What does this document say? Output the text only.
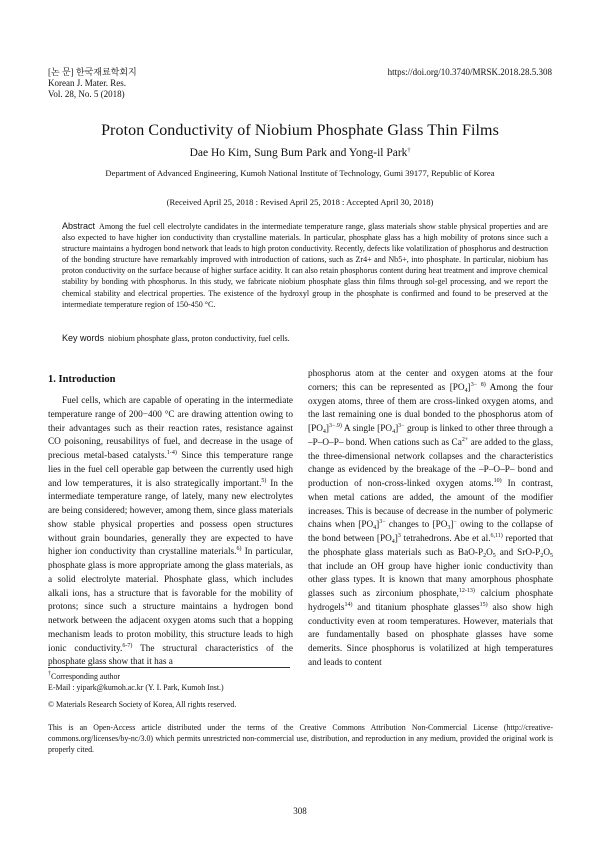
[논 문] 한국재료학회지
Korean J. Mater. Res.
Vol. 28, No. 5 (2018)
https://doi.org/10.3740/MRSK.2018.28.5.308
Proton Conductivity of Niobium Phosphate Glass Thin Films
Dae Ho Kim, Sung Bum Park and Yong-il Park†
Department of Advanced Engineering, Kumoh National Institute of Technology, Gumi 39177, Republic of Korea
(Received April 25, 2018 : Revised April 25, 2018 : Accepted April 30, 2018)
Abstract Among the fuel cell electrolyte candidates in the intermediate temperature range, glass materials show stable physical properties and are also expected to have higher ion conductivity than crystalline materials. In particular, phosphate glass has a high mobility of protons since such a structure maintains a hydrogen bond network that leads to high proton conductivity. Recently, defects like volatilization of phosphorus and destruction of the bonding structure have remarkably improved with introduction of cations, such as Zr4+ and Nb5+, into phosphate. In particular, niobium has proton conductivity on the surface because of higher surface acidity. It can also retain phosphorus content during heat treatment and improve chemical stability by bonding with phosphorus. In this study, we fabricate niobium phosphate glass thin films through sol-gel processing, and we report the chemical stability and electrical properties. The existence of the hydroxyl group in the phosphate is confirmed and found to be preserved at the intermediate temperature region of 150-450 °C.
Key words niobium phosphate glass, proton conductivity, fuel cells.
1. Introduction

Fuel cells, which are capable of operating in the intermediate temperature range of 200−400 °C are drawing attention owing to their advantages such as their reaction rates, resistance against CO poisoning, reusabilitys of fuel, and decrease in the usage of precious metal-based catalysts.$^{1-4)}$ Since this temperature range lies in the fuel cell operable gap between the currently used high and low temperatures, it is also strategically important.$^{5)}$ In the intermediate temperature range, of lately, many new electrolytes are being considered; however, among them, since glass materials show stable physical properties and possess open structures without grain boundaries, generally they are expected to have higher ion conductivity than crystalline materials.$^{6)}$ In particular, phosphate glass is more appropriate among the glass materials, as a solid electrolyte material. Phosphate glass, which includes alkali ions, has a structure that is favorable for the mobility of protons; since such a structure maintains a hydrogen bond network between the adjacent oxygen atoms such that a hopping mechanism leads to proton mobility, this structure leads to high ionic conductivity.$^{6-7)}$ The structural characteristics of the phosphate glass show that it has a

phosphorus atom at the center and oxygen atoms at the four corners; this can be represented as $[PO_4]^{3-}$ $^{8)}$ Among the four oxygen atoms, three of them are cross-linked oxygen atoms, and the last remaining one is dual bonded to the phosphorus atom of $[PO_4]^{3-.9)}$ A single $[PO_4]^{3-}$ group is linked to other three through a –P–O–P– bond. When cations such as $Ca^{2+}$ are added to the glass, the three-dimensional network collapses and the characteristics change as evidenced by the breakage of the –P–O–P– bond and production of non-cross-linked oxygen atoms.$^{10)}$ In contrast, when metal cations are added, the amount of the modifier increases. This is because of decrease in the number of polymeric chains when $[PO_4]^{3-}$ changes to $[PO_3]^-$ owing to the collapse of the bond between $[PO_4]^3$ tetrahedrons. Abe et al.$^{6,11)}$ reported that the phosphate glass materials such as BaO-$P_2O_5$ and SrO-$P_2O_5$ that include an OH group have higher ionic conductivity than other glass types. It is known that many amorphous phosphate glasses such as zirconium phosphate,$^{12-13)}$ calcium phosphate hydrogels$^{14)}$ and titanium phosphate glasses$^{15)}$ also show high conductivity even at room temperatures. However, materials that are fundamentally based on phosphate glasses have some demerits. Since phosphorus is volatilized at high temperatures and leads to content

†Corresponding author
E-Mail : yipark@kumoh.ac.kr (Y. I. Park, Kumoh Inst.)
© Materials Research Society of Korea, All rights reserved.
This is an Open-Access article distributed under the terms of the Creative Commons Attribution Non-Commercial License (http://creative-commons.org/licenses/by-nc/3.0) which permits unrestricted non-commercial use, distribution, and reproduction in any medium, provided the original work is properly cited.
308
